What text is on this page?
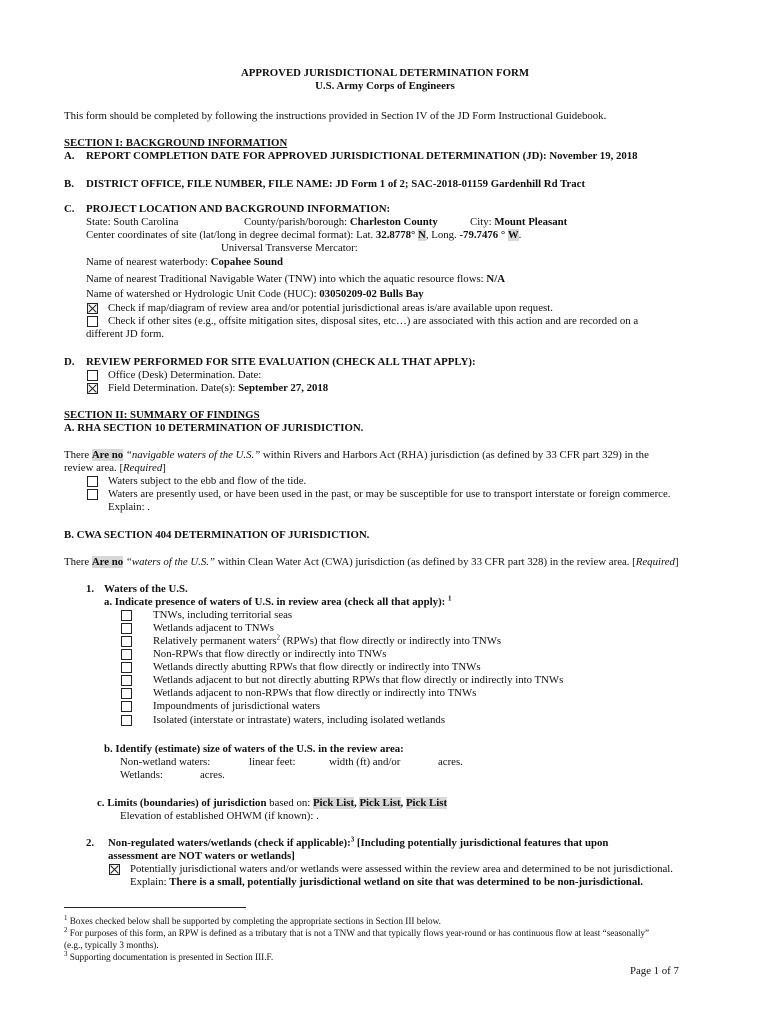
APPROVED JURISDICTIONAL DETERMINATION FORM
U.S. Army Corps of Engineers
This form should be completed by following the instructions provided in Section IV of the JD Form Instructional Guidebook.
SECTION I: BACKGROUND INFORMATION
A. REPORT COMPLETION DATE FOR APPROVED JURISDICTIONAL DETERMINATION (JD): November 19, 2018
B. DISTRICT OFFICE, FILE NUMBER, FILE NAME: JD Form 1 of 2; SAC-2018-01159 Gardenhill Rd Tract
C. PROJECT LOCATION AND BACKGROUND INFORMATION:
State: South Carolina	County/parish/borough: Charleston County	City: Mount Pleasant
Center coordinates of site (lat/long in degree decimal format): Lat. 32.8778° N, Long. -79.7476 ° W.
Universal Transverse Mercator:
Name of nearest waterbody: Copahee Sound
Name of nearest Traditional Navigable Water (TNW) into which the aquatic resource flows: N/A
Name of watershed or Hydrologic Unit Code (HUC): 03050209-02 Bulls Bay
Check if map/diagram of review area and/or potential jurisdictional areas is/are available upon request.
Check if other sites (e.g., offsite mitigation sites, disposal sites, etc…) are associated with this action and are recorded on a
different JD form.
D. REVIEW PERFORMED FOR SITE EVALUATION (CHECK ALL THAT APPLY):
Office (Desk) Determination. Date:
Field Determination. Date(s): September 27, 2018
SECTION II: SUMMARY OF FINDINGS
A. RHA SECTION 10 DETERMINATION OF JURISDICTION.
There Are no “navigable waters of the U.S.” within Rivers and Harbors Act (RHA) jurisdiction (as defined by 33 CFR part 329) in the
review area. [Required]
Waters subject to the ebb and flow of the tide.
Waters are presently used, or have been used in the past, or may be susceptible for use to transport interstate or foreign commerce.
Explain: .
B. CWA SECTION 404 DETERMINATION OF JURISDICTION.
There Are no “waters of the U.S.” within Clean Water Act (CWA) jurisdiction (as defined by 33 CFR part 328) in the review area. [Required]
1. Waters of the U.S.
a. Indicate presence of waters of U.S. in review area (check all that apply): $^1$
TNWs, including territorial seas
Wetlands adjacent to TNWs
Relatively permanent waters$^2$ (RPWs) that flow directly or indirectly into TNWs
Non-RPWs that flow directly or indirectly into TNWs
Wetlands directly abutting RPWs that flow directly or indirectly into TNWs
Wetlands adjacent to but not directly abutting RPWs that flow directly or indirectly into TNWs
Wetlands adjacent to non-RPWs that flow directly or indirectly into TNWs
Impoundments of jurisdictional waters
Isolated (interstate or intrastate) waters, including isolated wetlands
b. Identify (estimate) size of waters of the U.S. in the review area:
Non-wetland waters:	linear feet:	width (ft) and/or	acres.
Wetlands:	acres.
c. Limits (boundaries) of jurisdiction based on: Pick List, Pick List, Pick List
Elevation of established OHWM (if known): .
2. Non-regulated waters/wetlands (check if applicable):$^3$ [Including potentially jurisdictional features that upon
assessment are NOT waters or wetlands]
Potentially jurisdictional waters and/or wetlands were assessed within the review area and determined to be not jurisdictional.
Explain: There is a small, potentially jurisdictional wetland on site that was determined to be non-jurisdictional.
$^1$ Boxes checked below shall be supported by completing the appropriate sections in Section III below.
$^2$ For purposes of this form, an RPW is defined as a tributary that is not a TNW and that typically flows year-round or has continuous flow at least “seasonally”
(e.g., typically 3 months).
$^3$ Supporting documentation is presented in Section III.F.
Page 1 of 7
